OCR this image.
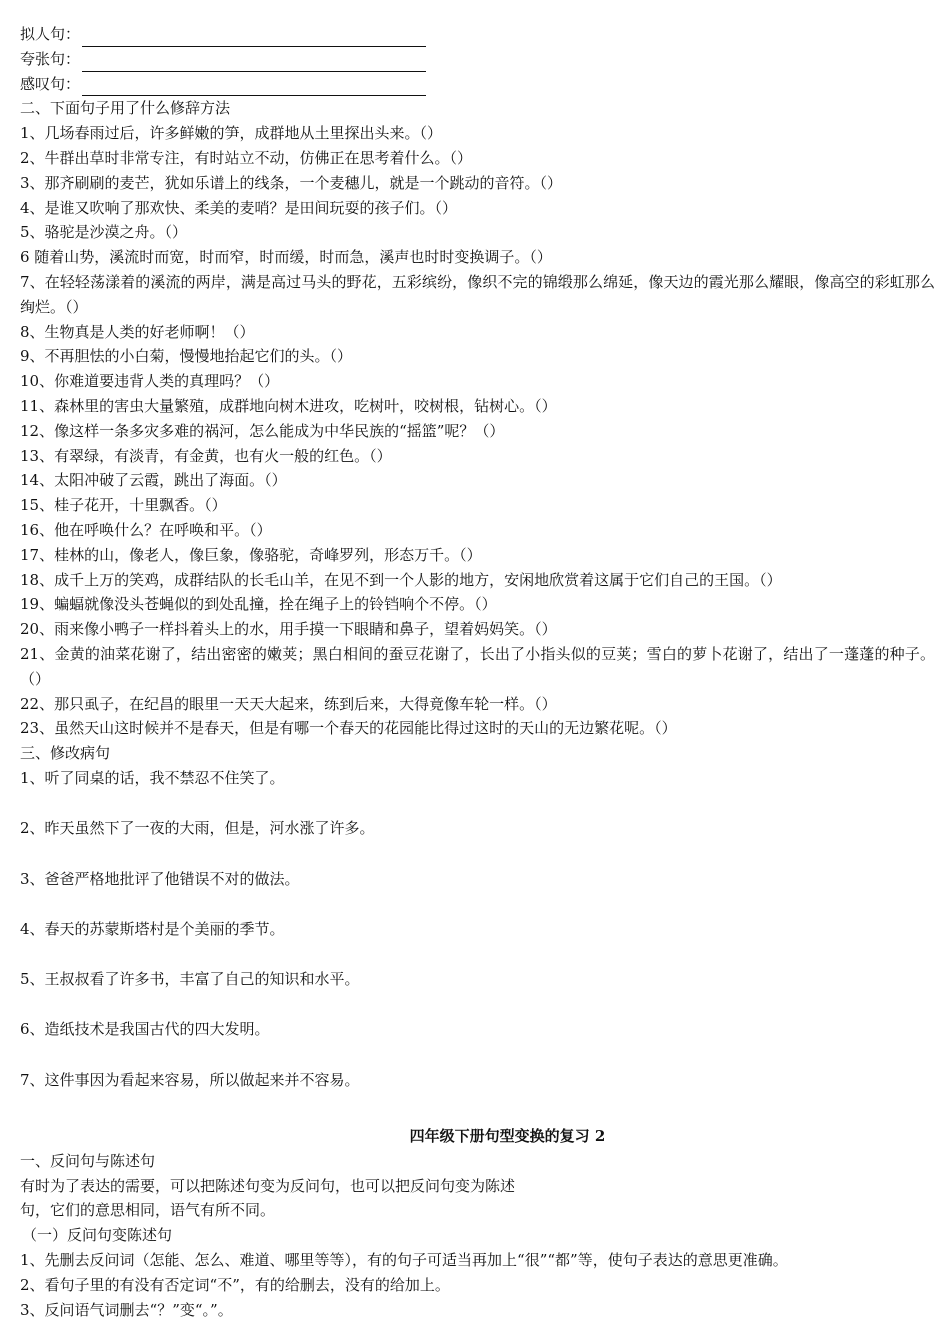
拟人句：
夸张句：
感叹句：
二、下面句子用了什么修辞方法
1、几场春雨过后，许多鲜嫩的笋，成群地从土里探出头来。（）
2、牛群出草时非常专注，有时站立不动，仿佛正在思考着什么。（）
3、那齐刷刷的麦芒，犹如乐谱上的线条，一个麦穗儿，就是一个跳动的音符。（）
4、是谁又吹响了那欢快、柔美的麦哨？是田间玩耍的孩子们。（）
5、骆驼是沙漠之舟。（）
6 随着山势，溪流时而宽，时而窄，时而缓，时而急，溪声也时时变换调子。（）
7、在轻轻荡漾着的溪流的两岸，满是高过马头的野花，五彩缤纷，像织不完的锦缎那么绵延，像天边的霞光那么耀眼，像高空的彩虹那么绚烂。（）
8、生物真是人类的好老师啊！（）
9、不再胆怯的小白菊，慢慢地抬起它们的头。（）
10、你难道要违背人类的真理吗？（）
11、森林里的害虫大量繁殖，成群地向树木进攻，吃树叶，咬树根，钻树心。（）
12、像这样一条多灾多难的祸河，怎么能成为中华民族的“摇篮”呢？（）
13、有翠绿，有淡青，有金黄，也有火一般的红色。（）
14、太阳冲破了云霞，跳出了海面。（）
15、桂子花开，十里飘香。（）
16、他在呼唤什么？在呼唤和平。（）
17、桂林的山，像老人，像巨象，像骆驼，奇峰罗列，形态万千。（）
18、成千上万的笑鸡，成群结队的长毛山羊，在见不到一个人影的地方，安闲地欣赏着这属于它们自己的王国。（）
19、蝙蝠就像没头苍蝇似的到处乱撞，拴在绳子上的铃铛响个不停。（）
20、雨来像小鸭子一样抖着头上的水，用手摸一下眼睛和鼻子，望着妈妈笑。（）
21、金黄的油菜花谢了，结出密密的嫩荚；黑白相间的蚕豆花谢了，长出了小指头似的豆荚；雪白的萝卜花谢了，结出了一蓬蓬的种子。（）
22、那只虱子，在纪昌的眼里一天天大起来，练到后来，大得竟像车轮一样。（）
23、虽然天山这时候并不是春天，但是有哪一个春天的花园能比得过这时的天山的无边繁花呢。（）
三、修改病句
1、听了同桌的话，我不禁忍不住笑了。
2、昨天虽然下了一夜的大雨，但是，河水涨了许多。
3、爸爸严格地批评了他错误不对的做法。
4、春天的苏蒙斯塔村是个美丽的季节。
5、王叔叔看了许多书，丰富了自己的知识和水平。
6、造纸技术是我国古代的四大发明。
7、这件事因为看起来容易，所以做起来并不容易。
四年级下册句型变换的复习 2
一、反问句与陈述句
有时为了表达的需要，可以把陈述句变为反问句，也可以把反问句变为陈述
句，它们的意思相同，语气有所不同。
（一）反问句变陈述句
1、先删去反问词（怎能、怎么、难道、哪里等等），有的句子可适当再加上“很”“都”等，使句子表达的意思更准确。
2、看句子里的有没有否定词“不”，有的给删去，没有的给加上。
3、反问语气词删去“？”变“。”。
